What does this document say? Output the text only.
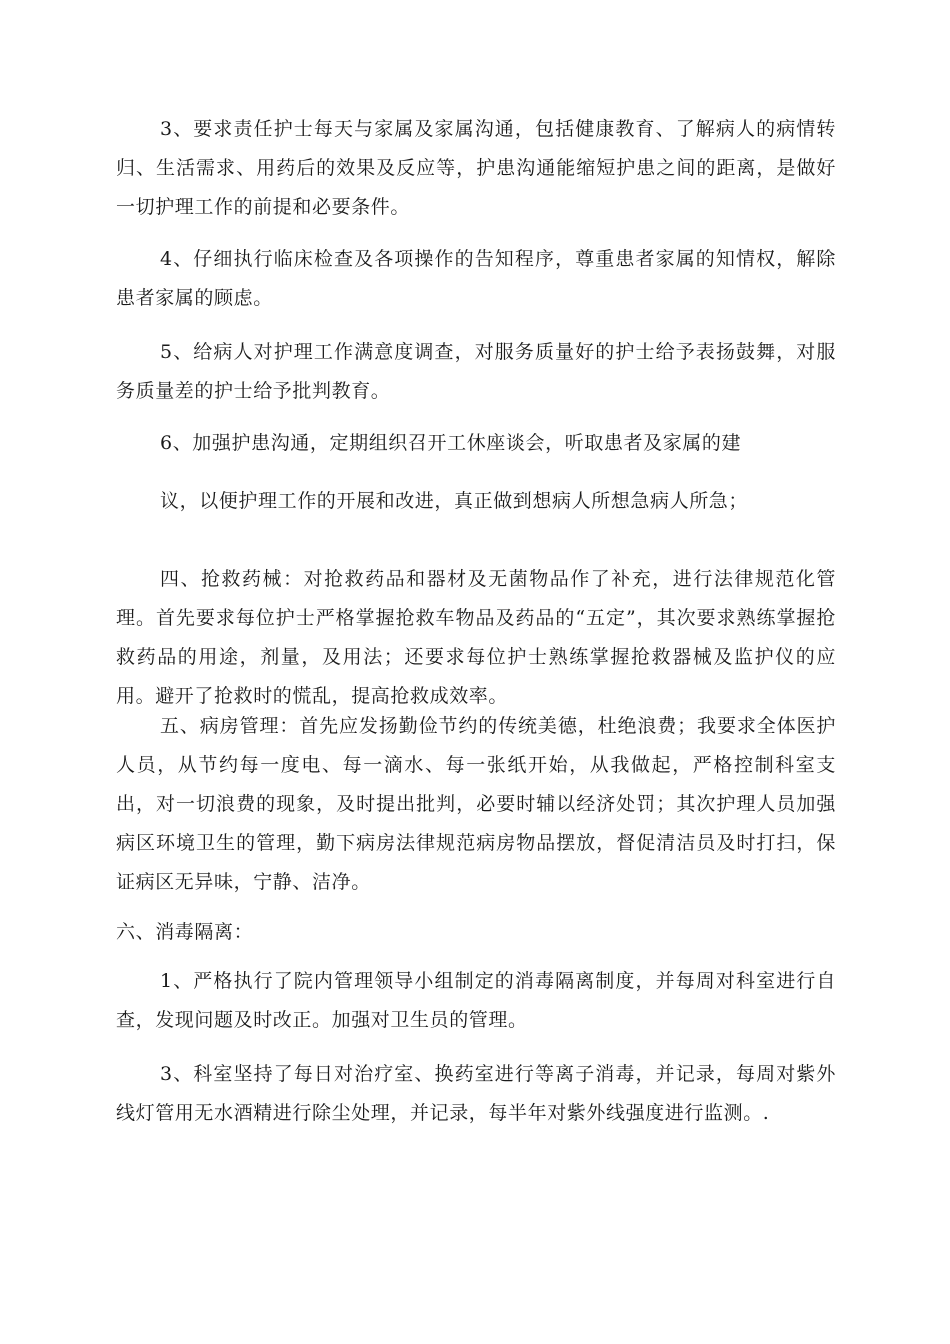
3、要求责任护士每天与家属及家属沟通，包括健康教育、了解病人的病情转归、生活需求、用药后的效果及反应等，护患沟通能缩短护患之间的距离，是做好一切护理工作的前提和必要条件。

4、仔细执行临床检查及各项操作的告知程序，尊重患者家属的知情权，解除患者家属的顾虑。

5、给病人对护理工作满意度调查，对服务质量好的护士给予表扬鼓舞，对服务质量差的护士给予批判教育。

6、加强护患沟通，定期组织召开工休座谈会，听取患者及家属的建

议，以便护理工作的开展和改进，真正做到想病人所想急病人所急；

四、抢救药械：对抢救药品和器材及无菌物品作了补充，进行法律规范化管理。首先要求每位护士严格掌握抢救车物品及药品的“五定”，其次要求熟练掌握抢救药品的用途，剂量，及用法；还要求每位护士熟练掌握抢救器械及监护仪的应用。避开了抢救时的慌乱，提高抢救成效率。

五、病房管理：首先应发扬勤俭节约的传统美德，杜绝浪费；我要求全体医护人员，从节约每一度电、每一滴水、每一张纸开始，从我做起，严格控制科室支出，对一切浪费的现象，及时提出批判，必要时辅以经济处罚；其次护理人员加强病区环境卫生的管理，勤下病房法律规范病房物品摆放，督促清洁员及时打扫，保证病区无异味，宁静、洁净。

六、消毒隔离：

1、严格执行了院内管理领导小组制定的消毒隔离制度，并每周对科室进行自查，发现问题及时改正。加强对卫生员的管理。

3、科室坚持了每日对治疗室、换药室进行等离子消毒，并记录，每周对紫外线灯管用无水酒精进行除尘处理，并记录，每半年对紫外线强度进行监测。.
